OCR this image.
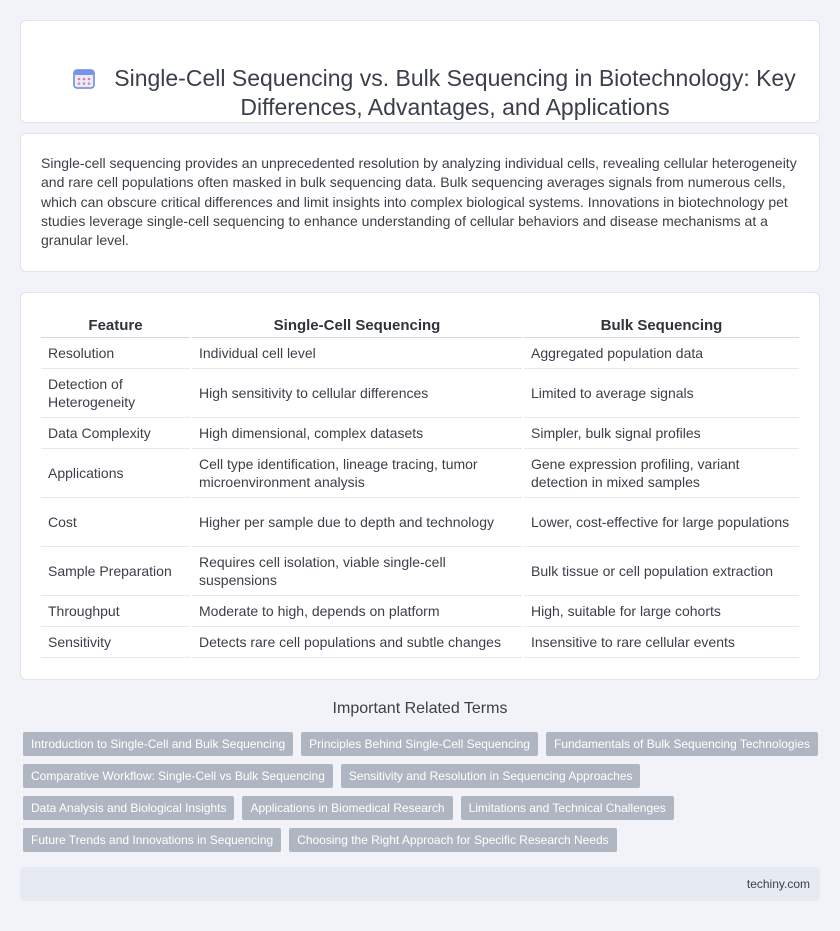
Single-Cell Sequencing vs. Bulk Sequencing in Biotechnology: Key Differences, Advantages, and Applications

Single-cell sequencing provides an unprecedented resolution by analyzing individual cells, revealing cellular heterogeneity and rare cell populations often masked in bulk sequencing data. Bulk sequencing averages signals from numerous cells, which can obscure critical differences and limit insights into complex biological systems. Innovations in biotechnology pet studies leverage single-cell sequencing to enhance understanding of cellular behaviors and disease mechanisms at a granular level.

Feature	Single-Cell Sequencing	Bulk Sequencing
Resolution	Individual cell level	Aggregated population data
Detection of Heterogeneity	High sensitivity to cellular differences	Limited to average signals
Data Complexity	High dimensional, complex datasets	Simpler, bulk signal profiles
Applications	Cell type identification, lineage tracing, tumor microenvironment analysis	Gene expression profiling, variant detection in mixed samples
Cost	Higher per sample due to depth and technology	Lower, cost-effective for large populations
Sample Preparation	Requires cell isolation, viable single-cell suspensions	Bulk tissue or cell population extraction
Throughput	Moderate to high, depends on platform	High, suitable for large cohorts
Sensitivity	Detects rare cell populations and subtle changes	Insensitive to rare cellular events
Important Related Terms
Introduction to Single-Cell and Bulk Sequencing	Principles Behind Single-Cell Sequencing	Fundamentals of Bulk Sequencing Technologies
Comparative Workflow: Single-Cell vs Bulk Sequencing	Sensitivity and Resolution in Sequencing Approaches
Data Analysis and Biological Insights	Applications in Biomedical Research	Limitations and Technical Challenges
Future Trends and Innovations in Sequencing	Choosing the Right Approach for Specific Research Needs
techiny.com
